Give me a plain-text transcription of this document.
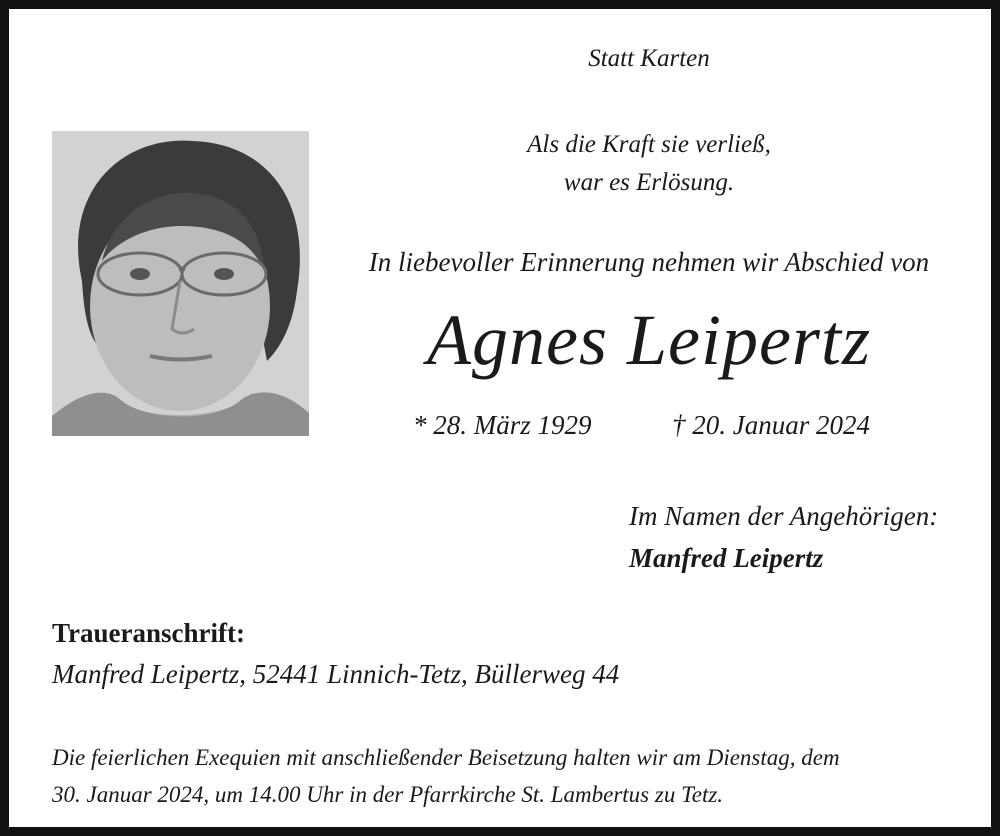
Statt Karten
Als die Kraft sie verließ,
war es Erlösung.
In liebevoller Erinnerung nehmen wir Abschied von
Agnes Leipertz
* 28. März 1929	† 20. Januar 2024
Im Namen der Angehörigen:
Manfred Leipertz
Traueranschrift:
Manfred Leipertz, 52441 Linnich-Tetz, Büllerweg 44
Die feierlichen Exequien mit anschließender Beisetzung halten wir am Dienstag, dem
30. Januar 2024, um 14.00 Uhr in der Pfarrkirche St. Lambertus zu Tetz.
